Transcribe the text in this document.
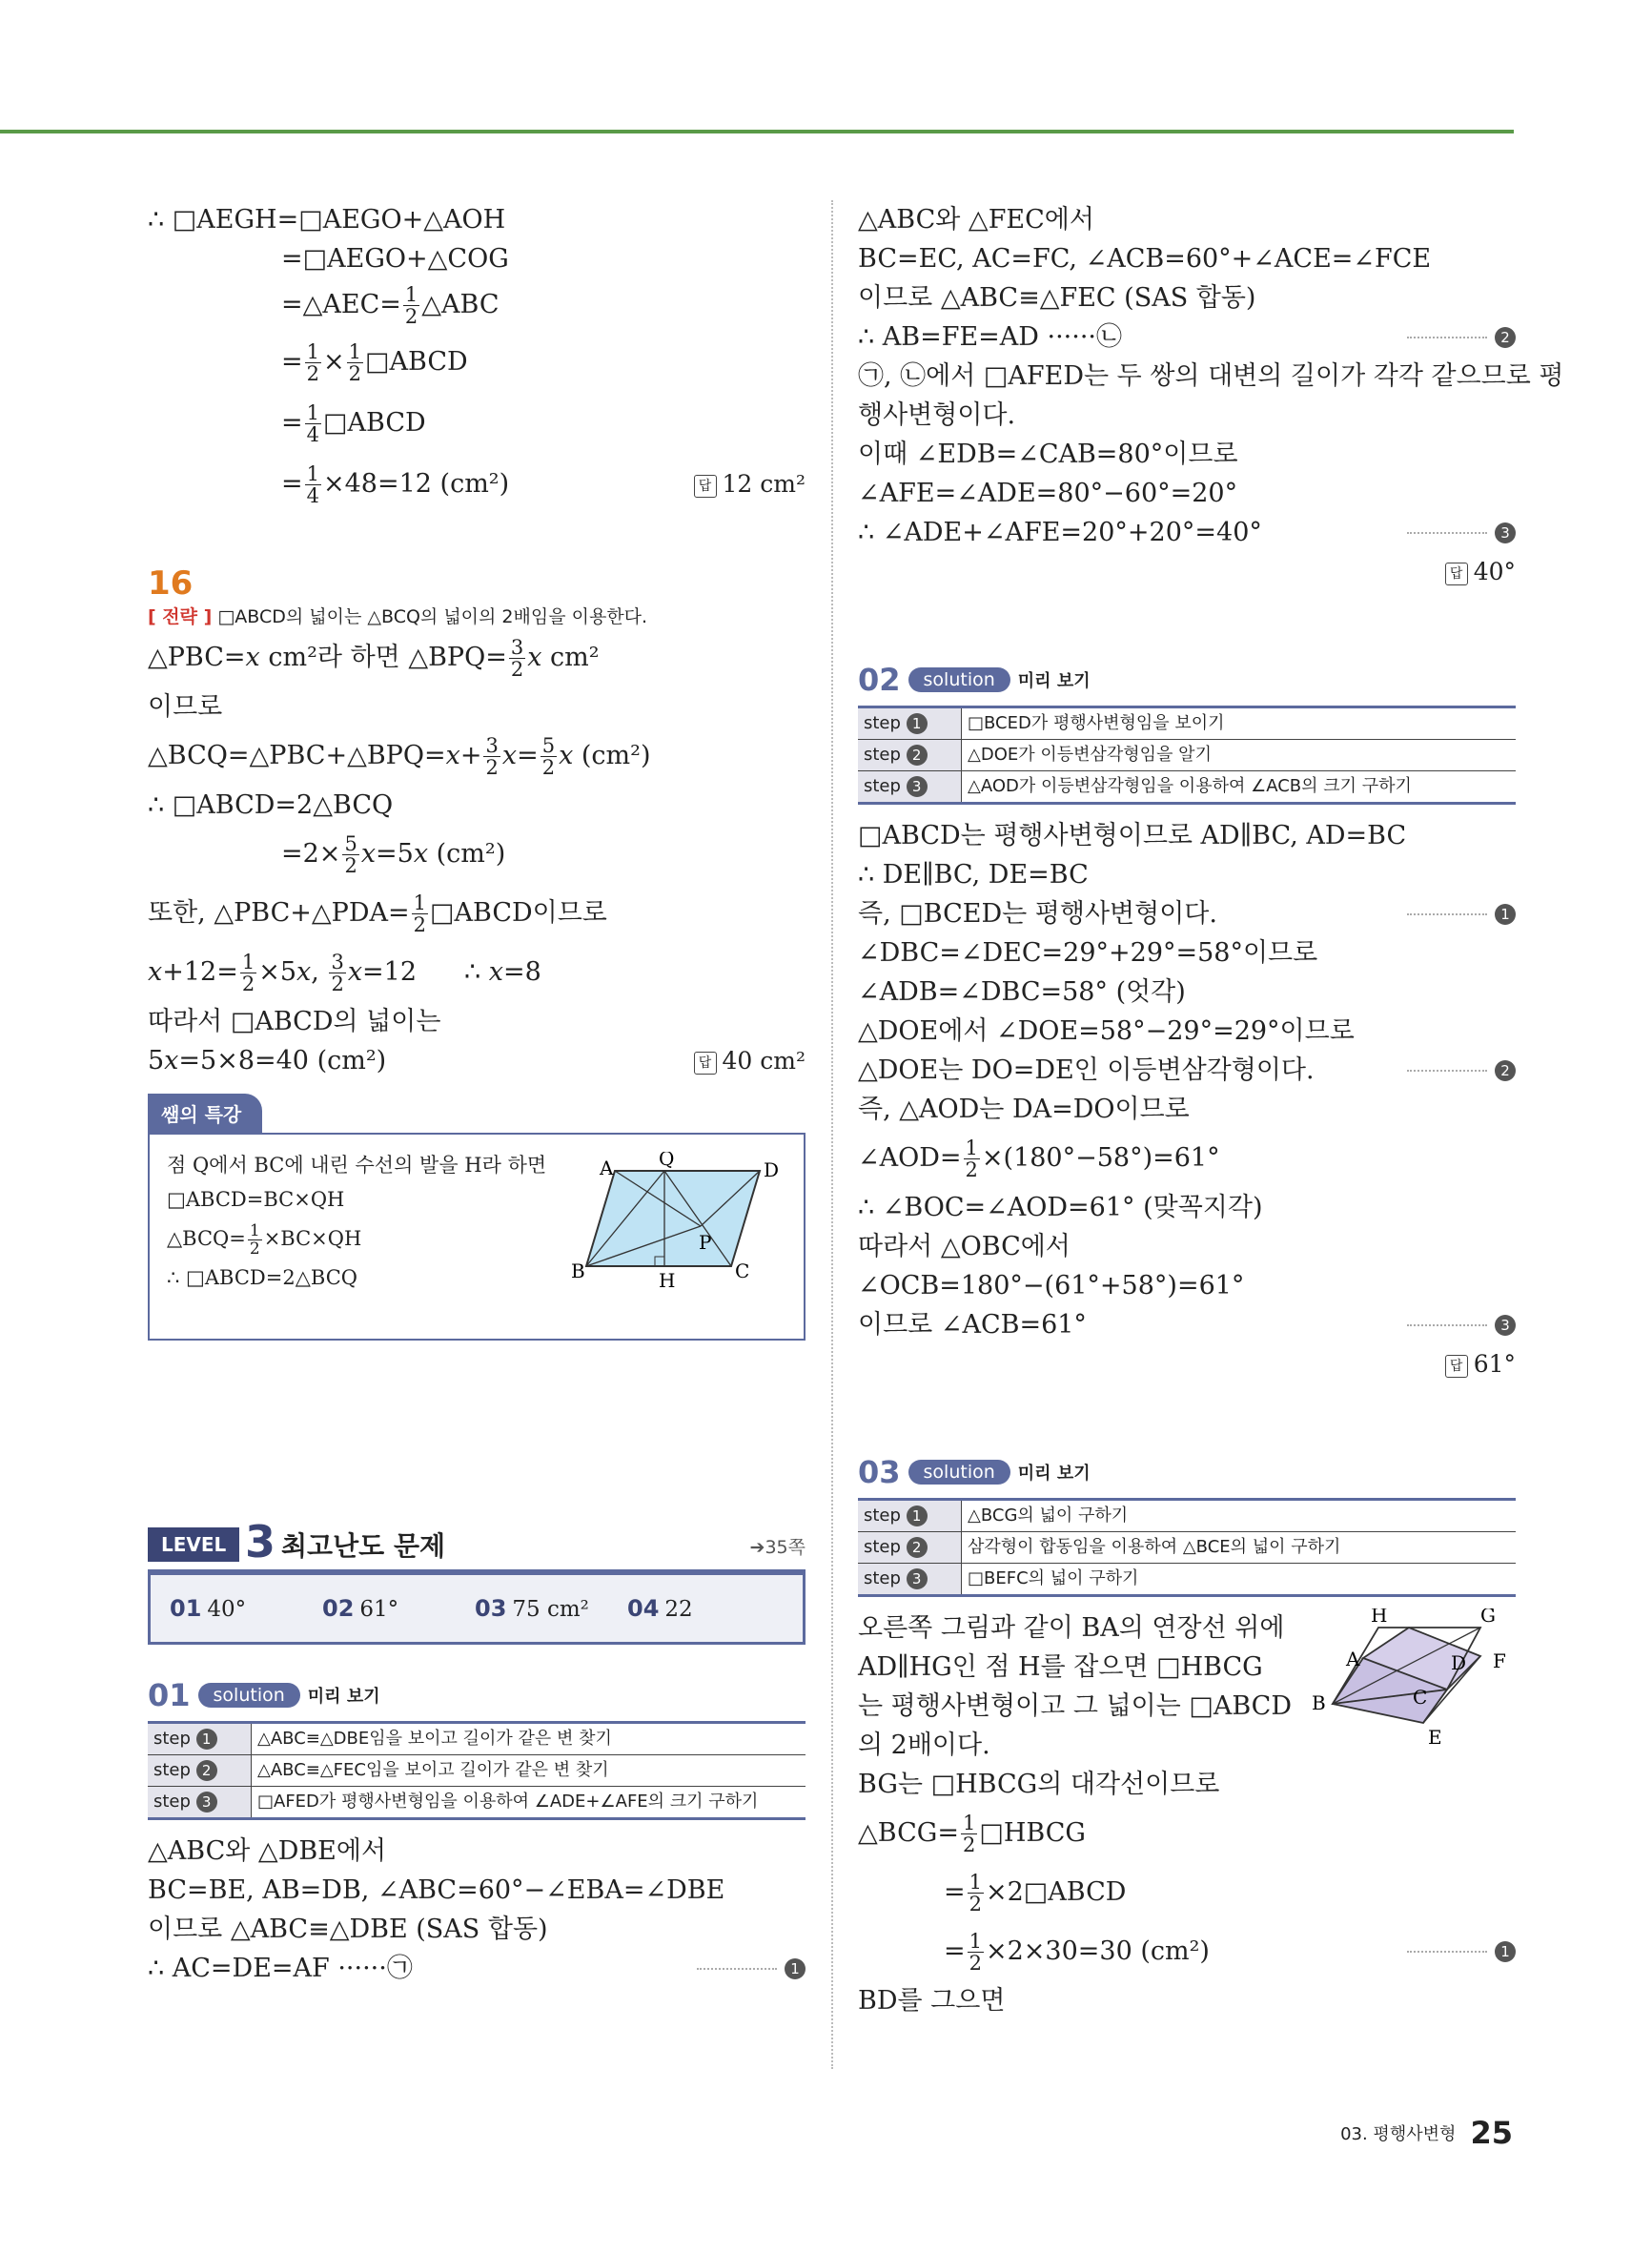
∴ □AEGH=□AEGO+△AOH
=□AEGO+△COG
=△AEC= $\frac{1}{2}$ △ABC
= $\frac{1}{2} \times \frac{1}{2}$ □ABCD
= $\frac{1}{4}$ □ABCD
= $\frac{1}{4} \times 48=12$ (cm²)	답 12 cm²
16
[ 전략 ] □ABCD의 넓이는 △BCQ의 넓이의 2배임을 이용한다.
△PBC=𝑥 cm²라 하면 △BPQ= $\frac{3}{2}$ 𝑥 cm²
이므로
△BCQ=△PBC+△BPQ=𝑥+ $\frac{3}{2}$ 𝑥= $\frac{5}{2}$ 𝑥 (cm²)
∴ □ABCD=2△BCQ
$=2\times \frac{5}{2}$ 𝑥=5𝑥 (cm²)
또한, △PBC+△PDA= $\frac{1}{2}$ □ABCD이므로
𝑥+12= $\frac{1}{2}$ ×5𝑥, $\frac{3}{2}$ 𝑥=12 ∴ 𝑥=8
따라서 □ABCD의 넓이는
5𝑥=5×8=40 (cm²)	답 40 cm²
쌤의 특강
점 Q에서 BC에 내린 수선의 발을 H라 하면
□ABCD=BC×QH
△BCQ= $\frac{1}{2} \times BC\times QH$
∴ □ABCD=2△BCQ
A Q	D
B	H	C
P
LEVEL 3 최고난도 문제	➔35쪽
01 40°	02 61°	03 75 cm²	04 22
01	solution	미리 보기
step 1	△ABC≡△DBE임을 보이고 길이가 같은 변 찾기
step 2	△ABC≡△FEC임을 보이고 길이가 같은 변 찾기
step 3	□AFED가 평행사변형임을 이용하여 ∠ADE+∠AFE의 크기 구하기
△ABC와 △DBE에서
BC=BE, AB=DB, ∠ABC=60°−∠EBA=∠DBE
이므로 △ABC≡△DBE (SAS 합동)
∴ AC=DE=AF ······㉠	1
△ABC와 △FEC에서
BC=EC, AC=FC, ∠ACB=60°+∠ACE=∠FCE
이므로 △ABC≡△FEC (SAS 합동)
∴ AB=FE=AD ······㉡	2
㉠, ㉡에서 □AFED는 두 쌍의 대변의 길이가 각각 같으므로 평
행사변형이다.
이때 ∠EDB=∠CAB=80°이므로
∠AFE=∠ADE=80°−60°=20°
∴ ∠ADE+∠AFE=20°+20°=40°	3
답 40°

02	solution	미리 보기
step 1	□BCED가 평행사변형임을 보이기
step 2	△DOE가 이등변삼각형임을 알기
step 3	△AOD가 이등변삼각형임을 이용하여 ∠ACB의 크기 구하기
□ABCD는 평행사변형이므로 AD∥BC, AD=BC
∴ DE∥BC, DE=BC
즉, □BCED는 평행사변형이다.	1
∠DBC=∠DEC=29°+29°=58°이므로
∠ADB=∠DBC=58° (엇각)
△DOE에서 ∠DOE=58°−29°=29°이므로
△DOE는 DO=DE인 이등변삼각형이다.	2
즉, △AOD는 DA=DO이므로
∠AOD= $\frac{1}{2} \times(180^\circ-58^\circ)=61^\circ$
∴ ∠BOC=∠AOD=61° (맞꼭지각)
따라서 △OBC에서
∠OCB=180°−(61°+58°)=61°
이므로 ∠ACB=61°	3
답 61°

03	solution	미리 보기
step 1	△BCG의 넓이 구하기
step 2	삼각형이 합동임을 이용하여 △BCE의 넓이 구하기
step 3	□BEFC의 넓이 구하기
H	G
A	D F
B	C
E
오른쪽 그림과 같이 BA의 연장선 위에
AD∥HG인 점 H를 잡으면 □HBCG
는 평행사변형이고 그 넓이는 □ABCD
의 2배이다.
BG는 □HBCG의 대각선이므로
△BCG= $\frac{1}{2}$ □HBCG
= $\frac{1}{2}$ ×2□ABCD
= $\frac{1}{2} \times 2\times 30=30$ (cm²)	1
BD를 그으면
03. 평행사변형 25
